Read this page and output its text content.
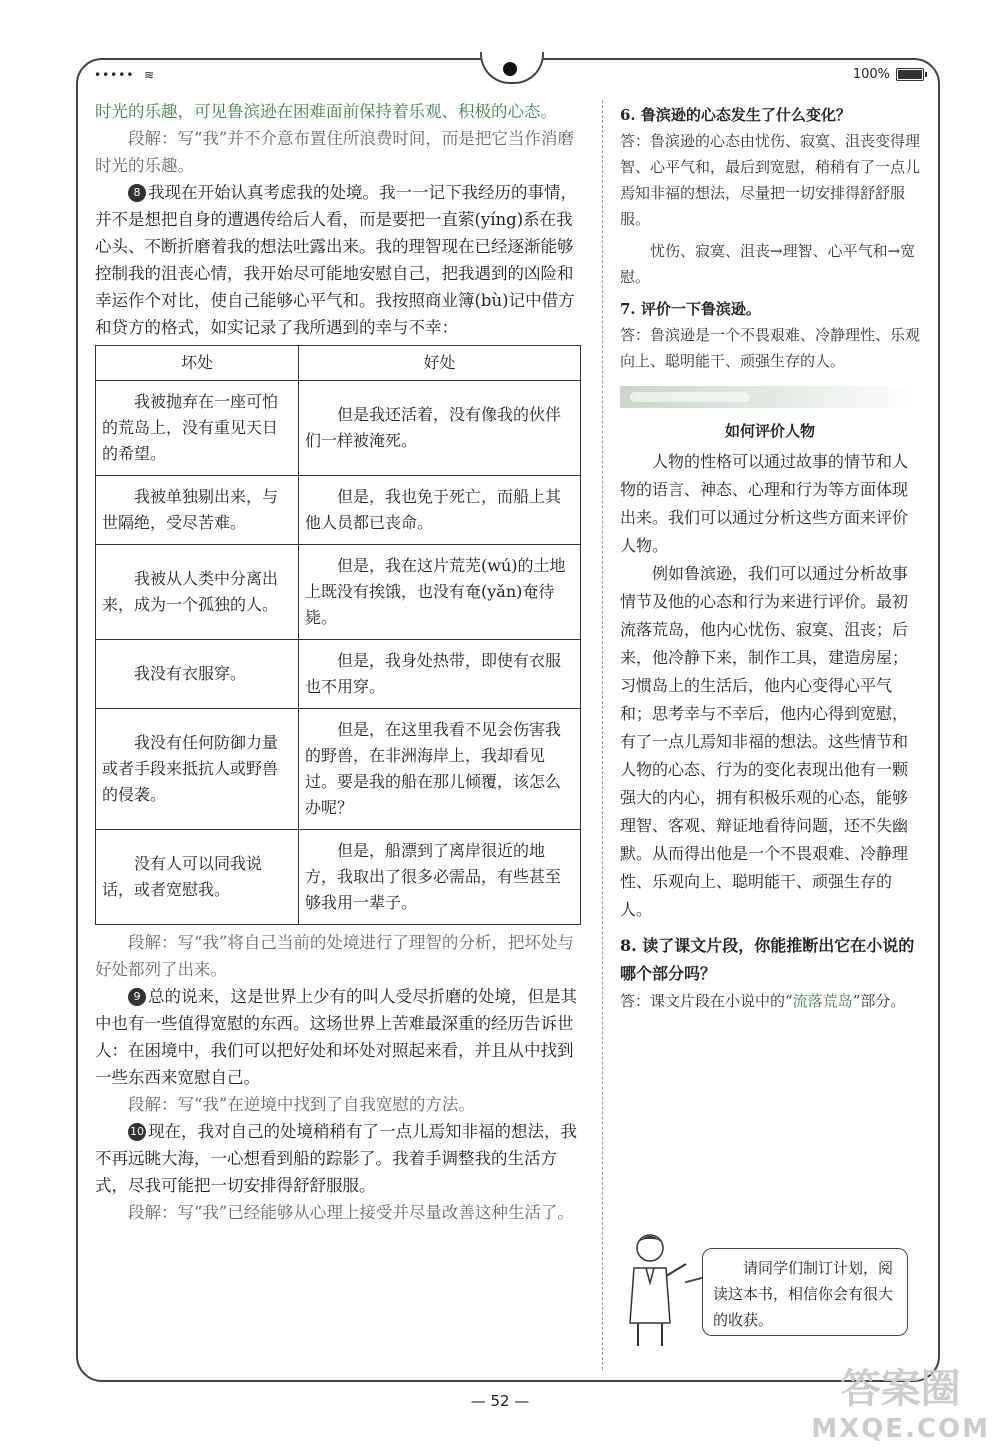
••••• ≋	100%

时光的乐趣，可见鲁滨逊在困难面前保持着乐观、积极的心态。

段解：写“我”并不介意布置住所浪费时间，而是把它当作消磨时光的乐趣。

8 我现在开始认真考虑我的处境。我一一记下我经历的事情，并不是想把自身的遭遇传给后人看，而是要把一直萦(yíng)系在我心头、不断折磨着我的想法吐露出来。我的理智现在已经逐渐能够控制我的沮丧心情，我开始尽可能地安慰自己，把我遇到的凶险和幸运作个对比，使自己能够心平气和。我按照商业簿(bù)记中借方和贷方的格式，如实记录了我所遇到的幸与不幸：

坏处	好处

我被抛弃在一座可怕的荒岛上，没有重见天日的希望。	但是我还活着，没有像我的伙伴们一样被淹死。

我被单独剔出来，与世隔绝，受尽苦难。	但是，我也免于死亡，而船上其他人员都已丧命。

我被从人类中分离出来，成为一个孤独的人。	但是，我在这片荒芜(wú)的土地上既没有挨饿，也没有奄(yǎn)奄待毙。

我没有衣服穿。	但是，我身处热带，即使有衣服也不用穿。

我没有任何防御力量或者手段来抵抗人或野兽的侵袭。	但是，在这里我看不见会伤害我的野兽，在非洲海岸上，我却看见过。要是我的船在那儿倾覆，该怎么办呢？

没有人可以同我说话，或者宽慰我。	但是，船漂到了离岸很近的地方，我取出了很多必需品，有些甚至够我用一辈子。

段解：写“我”将自己当前的处境进行了理智的分析，把坏处与好处都列了出来。

9 总的说来，这是世界上少有的叫人受尽折磨的处境，但是其中也有一些值得宽慰的东西。这场世界上苦难最深重的经历告诉世人：在困境中，我们可以把好处和坏处对照起来看，并且从中找到一些东西来宽慰自己。

段解：写“我”在逆境中找到了自我宽慰的方法。

10 现在，我对自己的处境稍稍有了一点儿焉知非福的想法，我不再远眺大海，一心想看到船的踪影了。我着手调整我的生活方式，尽我可能把一切安排得舒舒服服。

段解：写“我”已经能够从心理上接受并尽量改善这种生活了。

6. 鲁滨逊的心态发生了什么变化？

答：鲁滨逊的心态由忧伤、寂寞、沮丧变得理智、心平气和，最后到宽慰，稍稍有了一点儿焉知非福的想法，尽量把一切安排得舒舒服服。

忧伤、寂寞、沮丧→理智、心平气和→宽慰。

7. 评价一下鲁滨逊。

答：鲁滨逊是一个不畏艰难、冷静理性、乐观向上、聪明能干、顽强生存的人。

如何评价人物

人物的性格可以通过故事的情节和人物的语言、神态、心理和行为等方面体现出来。我们可以通过分析这些方面来评价人物。

例如鲁滨逊，我们可以通过分析故事情节及他的心态和行为来进行评价。最初流落荒岛，他内心忧伤、寂寞、沮丧；后来，他冷静下来，制作工具，建造房屋；习惯岛上的生活后，他内心变得心平气和；思考幸与不幸后，他内心得到宽慰，有了一点儿焉知非福的想法。这些情节和人物的心态、行为的变化表现出他有一颗强大的内心，拥有积极乐观的心态，能够理智、客观、辩证地看待问题，还不失幽默。从而得出他是一个不畏艰难、冷静理性、乐观向上、聪明能干、顽强生存的人。

8. 读了课文片段，你能推断出它在小说的哪个部分吗？

答：课文片段在小说中的“流落荒岛”部分。

请同学们制订计划，阅读这本书，相信你会有很大的收获。
— 52 —	答案圈
MXQE.COM
